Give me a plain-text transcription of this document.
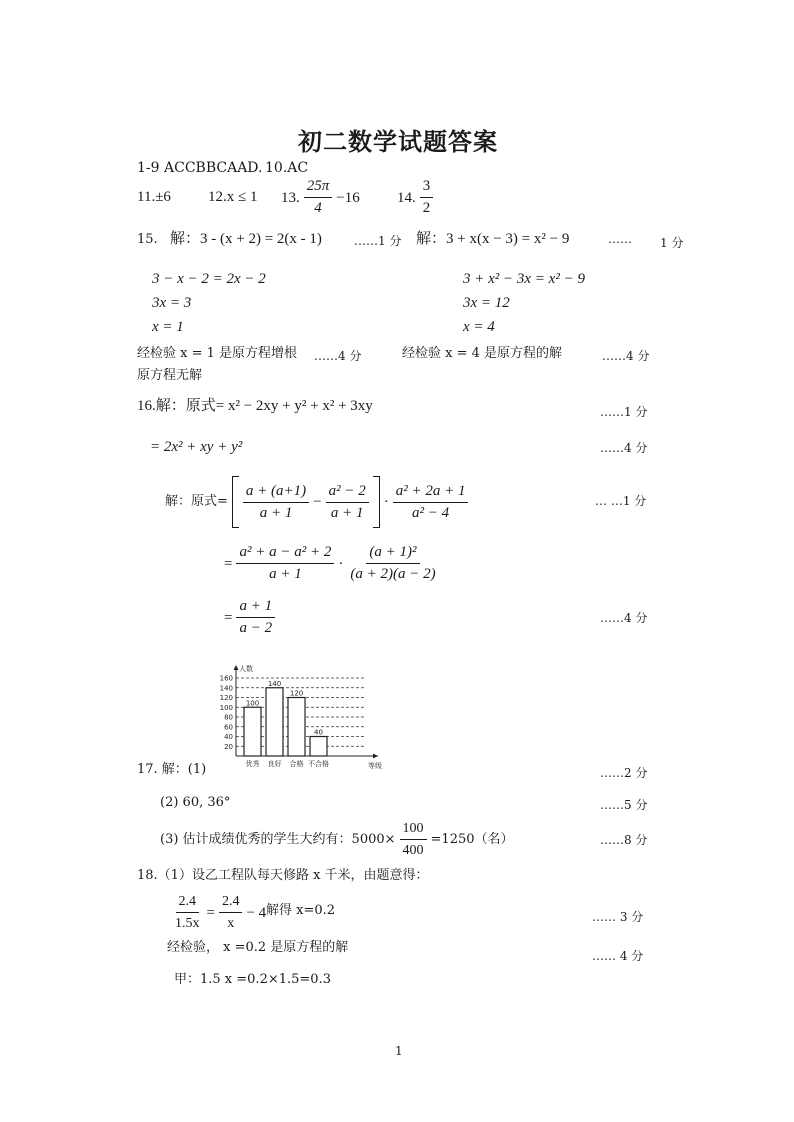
初二数学试题答案
1-9 ACCBBCAAD. 10.AC
11.±6 12.x ≤ 1 13. $\frac{25\pi}{4} -16$ 14. $\frac{3}{2}$
15. 解：3 - (x + 2) = 2(x - 1)	……1 分 解：3 + x(x − 3) = x² − 9	…… 1 分
3 − x − 2 = 2x − 2
3x = 3
x = 1
3 + x² − 3x = x² − 9
3x = 12
x = 4
经检验 x = 1 是原方程增根 ……4 分	经检验 x = 4 是原方程的解	……4 分
原方程无解
16.解：原式= x² − 2xy + y² + x² + 3xy	……1 分
= 2x² + xy + y²	……4 分
解：原式= $\frac{a + (a+1)}{a + 1} - \frac{\text{a² − 2}}{a + 1} \cdot \frac{\text{a² + 2a + 1}}{\text{a² − 4}}$	… …1 分
= $\frac{\text{a² + a − a² + 2}}{a + 1} \cdot \frac{\text{(a + 1)²}}{(a + 2)(a - 2)}$
= $\frac{a + 1}{a - 2}$	……4 分
20
40
60
80
100
120
140
160
人数
等级
100
优秀
140
良好
120
合格
40
不合格
17. 解：(1)	……2 分
(2) 60, 36°	……5 分
(3) 估计成绩优秀的学生大约有：$5000\times \frac{100}{400} =1250$（名）	……8 分
18.（1）设乙工程队每天修路 x 千米，由题意得：
$\frac{2.4}{1.5x} = \frac{2.4}{x} - 4$ 解得 x=0.2	…… 3 分
经检验， x =0.2 是原方程的解
…… 4 分
甲：1.5 x =0.2×1.5=0.3
1
